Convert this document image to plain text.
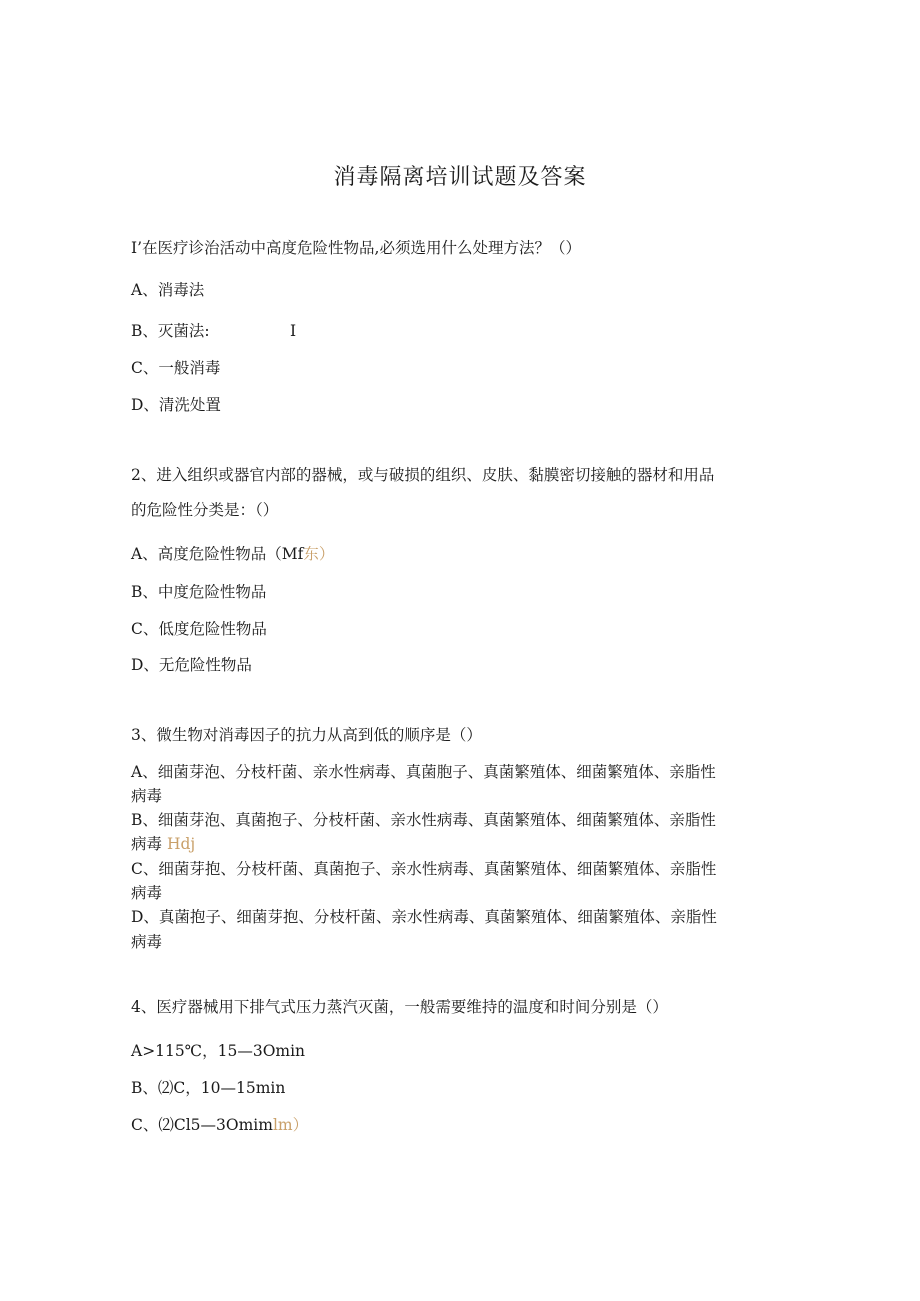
消毒隔离培训试题及答案
I’在医疗诊治活动中高度危险性物品,必须选用什么处理方法？（）
A、消毒法
B、灭菌法:	I
C、一般消毒
D、清洗处置
2、进入组织或器官内部的器械，或与破损的组织、皮肤、黏膜密切接触的器材和用品
的危险性分类是：（）
A、高度危险性物品（Mf东）
B、中度危险性物品
C、低度危险性物品
D、无危险性物品
3、微生物对消毒因子的抗力从高到低的顺序是（）
A、细菌芽泡、分枝杆菌、亲水性病毒、真菌胞子、真菌繁殖体、细菌繁殖体、亲脂性
病毒
B、细菌芽泡、真菌抱子、分枝杆菌、亲水性病毒、真菌繁殖体、细菌繁殖体、亲脂性
病毒 Hdj
C、细菌芽抱、分枝杆菌、真菌抱子、亲水性病毒、真菌繁殖体、细菌繁殖体、亲脂性
病毒
D、真菌抱子、细菌芽抱、分枝杆菌、亲水性病毒、真菌繁殖体、细菌繁殖体、亲脂性
病毒
4、医疗器械用下排气式压力蒸汽灭菌，一般需要维持的温度和时间分别是（）
A>115℃，15—3Omin
B、⑵C，10—15min
C、⑵Cl5—3Omimlm）
